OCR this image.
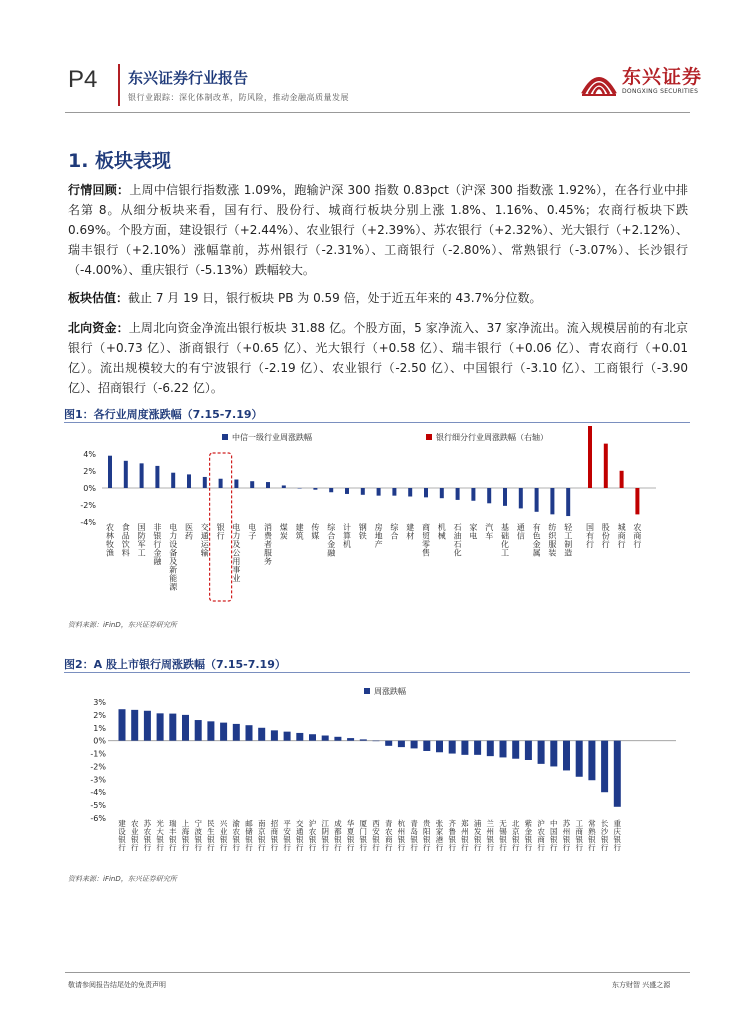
P4 东兴证券行业报告
银行业跟踪：深化体制改革，防风险，推动金融高质量发展
东兴证券
DONGXING SECURITIES
1. 板块表现
行情回顾：上周中信银行指数涨 1.09%，跑输沪深 300 指数 0.83pct（沪深 300 指数涨 1.92%），在各行业中排名第 8。从细分板块来看，国有行、股份行、城商行板块分别上涨 1.8%、1.16%、0.45%；农商行板块下跌 0.69%。个股方面，建设银行（+2.44%）、农业银行（+2.39%）、苏农银行（+2.32%）、光大银行（+2.12%）、瑞丰银行（+2.10%）涨幅靠前，苏州银行（-2.31%）、工商银行（-2.80%）、常熟银行（-3.07%）、长沙银行（-4.00%）、重庆银行（-5.13%）跌幅较大。
板块估值：截止 7 月 19 日，银行板块 PB 为 0.59 倍，处于近五年来的 43.7%分位数。
北向资金：上周北向资金净流出银行板块 31.88 亿。个股方面，5 家净流入、37 家净流出。流入规模居前的有北京银行（+0.73 亿）、浙商银行（+0.65 亿）、光大银行（+0.58 亿）、瑞丰银行（+0.06 亿）、青农商行（+0.01 亿）。流出规模较大的有宁波银行（-2.19 亿）、农业银行（-2.50 亿）、中国银行（-3.10 亿）、工商银行（-3.90 亿）、招商银行（-6.22 亿）。
图1：各行业周度涨跌幅（7.15-7.19）
中信一级行业周涨跌幅	银行细分行业周涨跌幅（右轴）
4%
2%
0%
-2%
-4%
农林牧渔
食品饮料
国防军工
非银行金融
电力设备及新能源
医药
交通运输
银行
电力及公用事业
电子
消费者服务
煤炭
建筑
传媒
综合金融
计算机
钢铁
房地产
综合
建材
商贸零售
机械
石油石化
家电
汽车
基础化工
通信
有色金属
纺织服装
轻工制造
国有行
股份行
城商行
农商行
资料来源：iFinD，东兴证券研究所
图2：A 股上市银行周涨跌幅（7.15-7.19）
周涨跌幅
3%
2%
1%
0%
-1%
-2%
-3%
-4%
-5%
-6%
建设银行
农业银行
苏农银行
光大银行
瑞丰银行
上海银行
宁波银行
民生银行
兴业银行
渝农银行
邮储银行
南京银行
招商银行
平安银行
交通银行
沪农银行
江阴银行
成都银行
华夏银行
厦门银行
西安银行
青农商行
杭州银行
青岛银行
贵阳银行
张家港行
齐鲁银行
郑州银行
浦发银行
兰州银行
无锡银行
北京银行
紫金银行
沪农商行
中国银行
苏州银行
工商银行
常熟银行
长沙银行
重庆银行
资料来源：iFinD，东兴证券研究所
敬请参阅报告结尾处的免责声明	东方财智 兴盛之源
